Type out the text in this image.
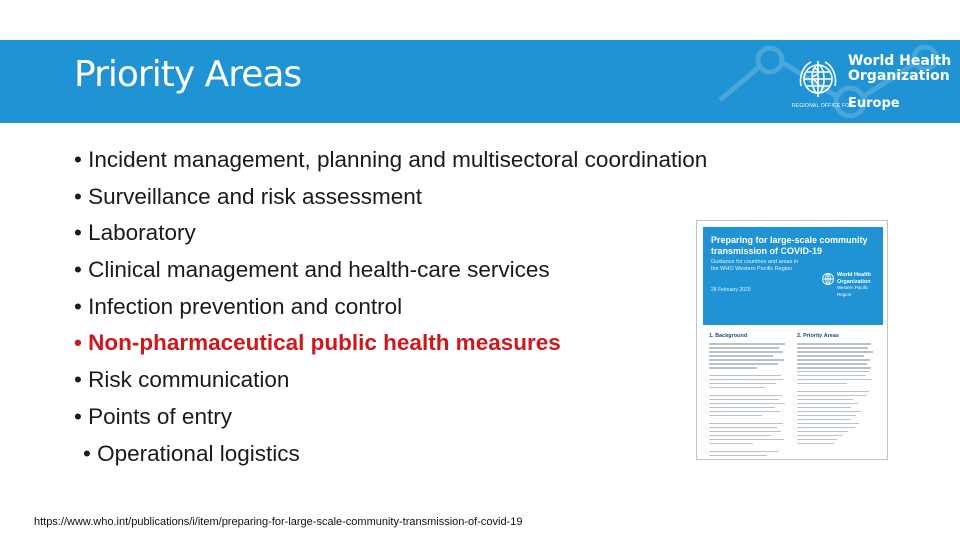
Priority Areas	World Health
Organization
REGIONAL OFFICE FOR
Europe
• Incident management, planning and multisectoral coordination
• Surveillance and risk assessment
• Laboratory
• Clinical management and health-care services
• Infection prevention and control
• Non-pharmaceutical public health measures
• Risk communication
• Points of entry
• Operational logistics
Preparing for large-scale community transmission of COVID-19
Guidance for countries and areas in the WHO Western Pacific Region
28 February 2020
World Health
Organization
Western Pacific Region
1. Background	2. Priority Areas
https://www.who.int/publications/i/item/preparing-for-large-scale-community-transmission-of-covid-19
